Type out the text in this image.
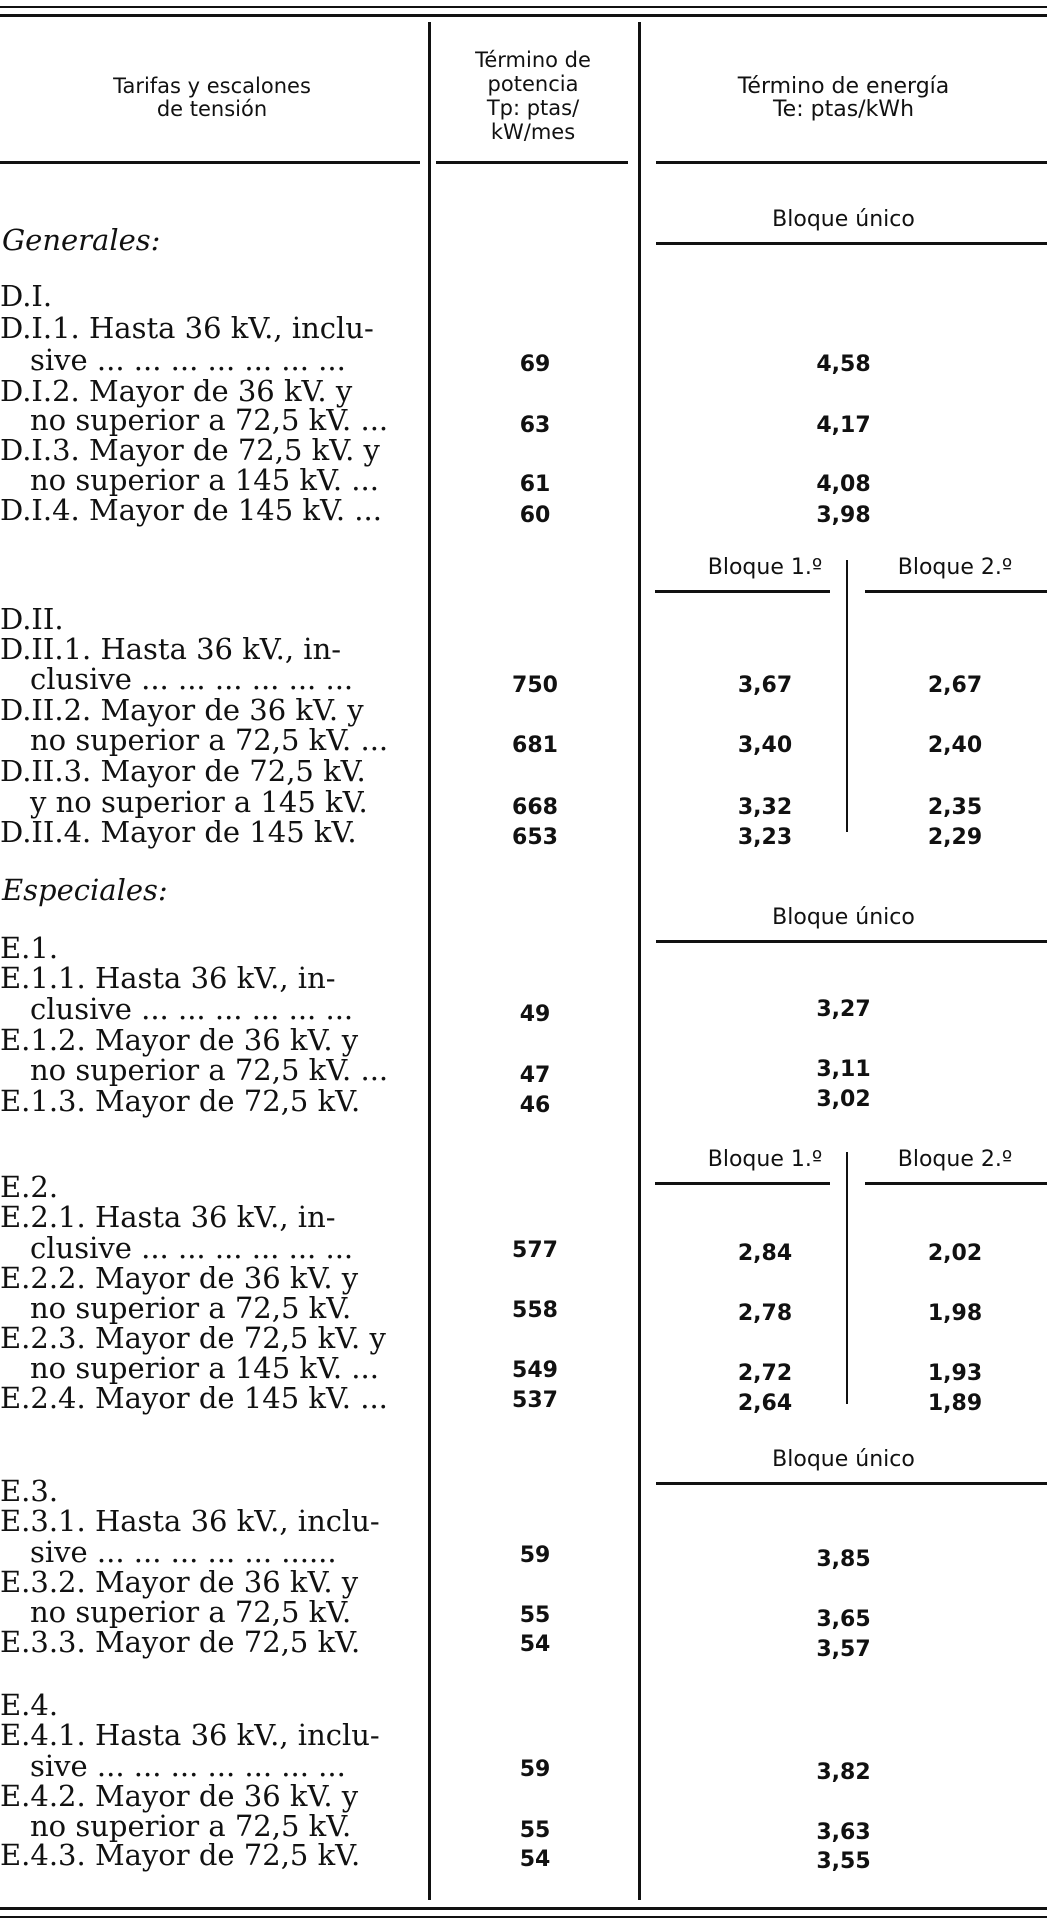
Tarifas y escalones
de tensión
Término de
potencia
Tp: ptas/
kW/mes
Término de energía
Te: ptas/kWh
Generales:
Especiales:
Bloque único
Bloque 1.º	Bloque 2.º
Bloque único
Bloque 1.º	Bloque 2.º
Bloque único
D.I.
D.I.1. Hasta 36 kV., inclu-
sive ... ... ... ... ... ... ...
D.I.2. Mayor de 36 kV. y
no superior a 72,5 kV. ...
D.I.3. Mayor de 72,5 kV. y
no superior a 145 kV. ...
D.I.4. Mayor de 145 kV. ...
D.II.
D.II.1. Hasta 36 kV., in-
clusive ... ... ... ... ... ...
D.II.2. Mayor de 36 kV. y
no superior a 72,5 kV. ...
D.II.3. Mayor de 72,5 kV.
y no superior a 145 kV.
D.II.4. Mayor de 145 kV.
E.1.
E.1.1. Hasta 36 kV., in-
clusive ... ... ... ... ... ...
E.1.2. Mayor de 36 kV. y
no superior a 72,5 kV. ...
E.1.3. Mayor de 72,5 kV.
E.2.
E.2.1. Hasta 36 kV., in-
clusive ... ... ... ... ... ...
E.2.2. Mayor de 36 kV. y
no superior a 72,5 kV.
E.2.3. Mayor de 72,5 kV. y
no superior a 145 kV. ...
E.2.4. Mayor de 145 kV. ...
E.3.
E.3.1. Hasta 36 kV., inclu-
sive ... ... ... ... ... ......
E.3.2. Mayor de 36 kV. y
no superior a 72,5 kV.
E.3.3. Mayor de 72,5 kV.
E.4.
E.4.1. Hasta 36 kV., inclu-
sive ... ... ... ... ... ... ...
E.4.2. Mayor de 36 kV. y
no superior a 72,5 kV.
E.4.3. Mayor de 72,5 kV.
69
63
61
60
750
681
668
653
49
47
46
577
558
549
537
59
55
54
59
55
54
4,58
4,17
4,08
3,98
3,27
3,11
3,02
3,85
3,65
3,57
3,82
3,63
3,55
3,67
3,40
3,32
3,23
2,84
2,78
2,72
2,64
2,67
2,40
2,35
2,29
2,02
1,98
1,93
1,89
